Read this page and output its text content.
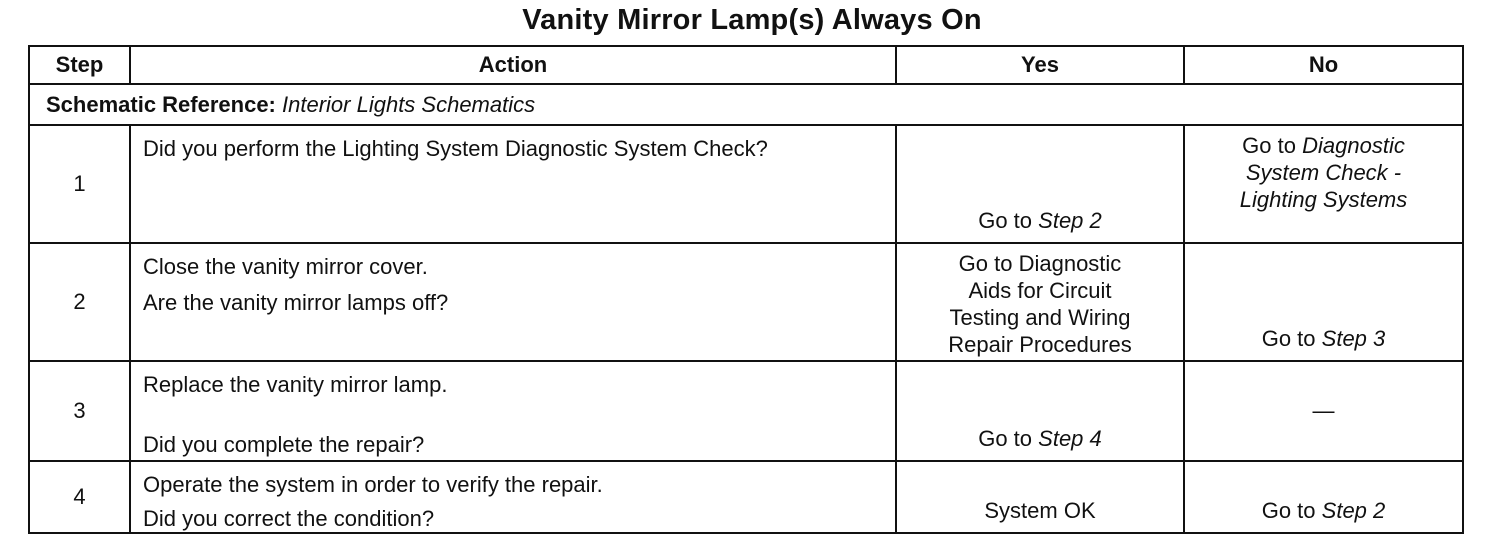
Vanity Mirror Lamp(s) Always On
Step	Action	Yes	No
Schematic Reference: Interior Lights Schematics			
1	Did you perform the Lighting System Diagnostic System Check?	Go to Step 2	Go to Diagnostic
System Check -
Lighting Systems

2	Close the vanity mirror cover.
Are the vanity mirror lamps off?	Go to Diagnostic
Aids for Circuit
Testing and Wiring
Repair Procedures	Go to Step 3
3	Replace the vanity mirror lamp.
Did you complete the repair?	Go to Step 4	—
4	Operate the system in order to verify the repair.
Did you correct the condition?	System OK	Go to Step 2
